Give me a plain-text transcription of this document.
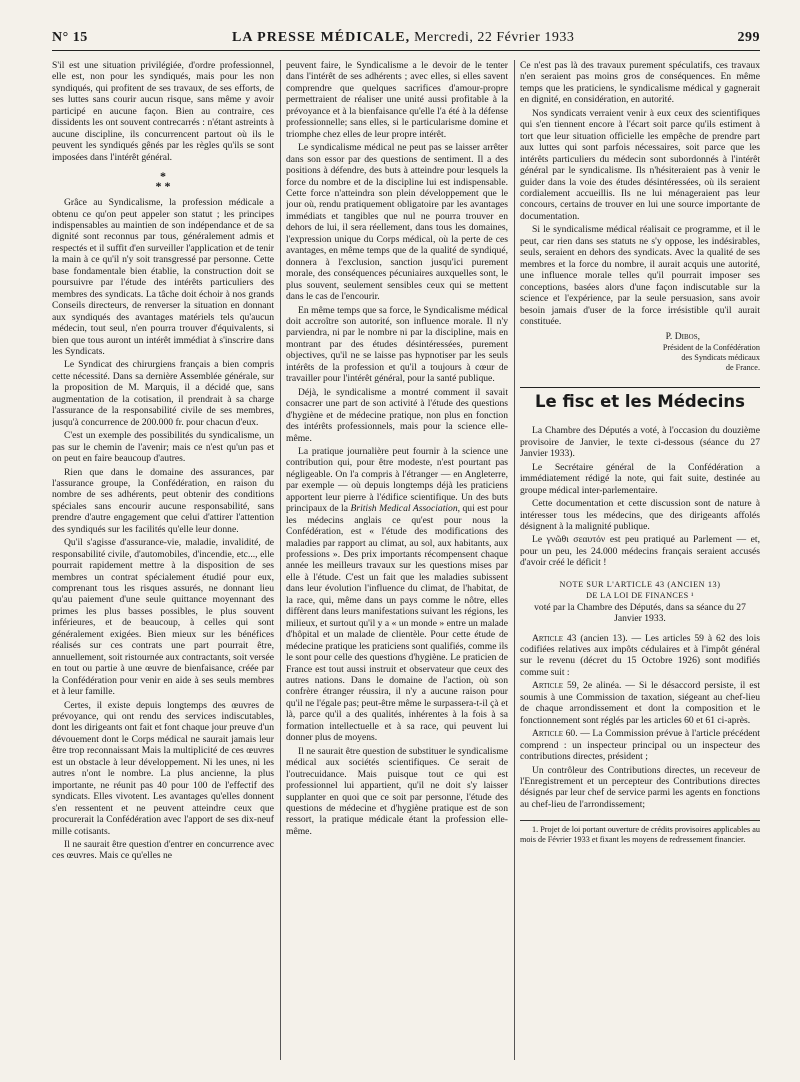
N° 15	LA PRESSE MÉDICALE, Mercredi, 22 Février 1933	299

S'il est une situation privilégiée, d'ordre professionnel, elle est, non pour les syndiqués, mais pour les non syndiqués, qui profitent de ses travaux, de ses efforts, de ses luttes sans courir aucun risque, sans même y avoir participé en aucune façon. Bien au contraire, ces dissidents les ont souvent contrecarrés : n'étant astreints à aucune discipline, ils concurrencent partout où ils le peuvent les syndiqués gênés par les règles qu'ils se sont imposées dans l'intérêt général.

*
* *

Grâce au Syndicalisme, la profession médicale a obtenu ce qu'on peut appeler son statut ; les principes indispensables au maintien de son indépendance et de sa dignité sont reconnus par tous, généralement admis et respectés et il suffit d'en surveiller l'application et de tenir la main à ce qu'il n'y soit transgressé par personne. Cette base fondamentale bien établie, la construction doit se poursuivre par l'étude des intérêts particuliers des membres des syndicats. La tâche doit échoir à nos grands Conseils directeurs, de renverser la situation en donnant aux syndiqués des avantages matériels tels qu'aucun médecin, tout seul, n'en pourra trouver d'équivalents, si bien que tous auront un intérêt immédiat à s'inscrire dans les Syndicats.

Le Syndicat des chirurgiens français a bien compris cette nécessité. Dans sa dernière Assemblée générale, sur la proposition de M. Marquis, il a décidé que, sans augmentation de la cotisation, il prendrait à sa charge l'assurance de la responsabilité civile de ses membres, jusqu'à concurrence de 200.000 fr. pour chacun d'eux.

C'est un exemple des possibilités du syndicalisme, un pas sur le chemin de l'avenir; mais ce n'est qu'un pas et on peut en faire beaucoup d'autres.

Rien que dans le domaine des assurances, par l'assurance groupe, la Confédération, en raison du nombre de ses adhérents, peut obtenir des conditions spéciales sans encourir aucune responsabilité, sans prendre d'autre engagement que celui d'attirer l'attention des syndiqués sur les facilités qu'elle leur donne.

Qu'il s'agisse d'assurance-vie, maladie, invalidité, de responsabilité civile, d'automobiles, d'incendie, etc..., elle pourrait rapidement mettre à la disposition de ses membres un contrat spécialement étudié pour eux, comprenant tous les risques assurés, ne donnant lieu qu'au paiement d'une seule quittance moyennant des primes les plus basses possibles, le plus souvent inférieures, et de beaucoup, à celles qui sont généralement exigées. Bien mieux sur les bénéfices réalisés sur ces contrats une part pourrait être, annuellement, soit ristournée aux contractants, soit versée en tout ou partie à une œuvre de bienfaisance, créée par la Confédération pour venir en aide à ses seuls membres et à leur famille.

Certes, il existe depuis longtemps des œuvres de prévoyance, qui ont rendu des services indiscutables, dont les dirigeants ont fait et font chaque jour preuve d'un dévouement dont le Corps médical ne saurait jamais leur être trop reconnaissant Mais la multiplicité de ces œuvres est un obstacle à leur développement. Ni les unes, ni les autres n'ont le nombre. La plus ancienne, la plus importante, ne réunit pas 40 pour 100 de l'effectif des syndicats. Elles vivotent. Les avantages qu'elles donnent s'en ressentent et ne peuvent atteindre ceux que procurerait la Confédération avec l'apport de ses dix-neuf mille cotisants.

Il ne saurait être question d'entrer en concurrence avec ces œuvres. Mais ce qu'elles ne

peuvent faire, le Syndicalisme a le devoir de le tenter dans l'intérêt de ses adhérents ; avec elles, si elles savent comprendre que quelques sacrifices d'amour-propre permettraient de réaliser une unité aussi profitable à la prévoyance et à la bienfaisance qu'elle l'a été à la défense professionnelle; sans elles, si le particularisme domine et triomphe chez elles de leur propre intérêt.

Le syndicalisme médical ne peut pas se laisser arrêter dans son essor par des questions de sentiment. Il a des positions à défendre, des buts à atteindre pour lesquels la force du nombre et de la discipline lui est indispensable. Cette force n'atteindra son plein développement que le jour où, rendu pratiquement obligatoire par les avantages immédiats et tangibles que nul ne pourra trouver en dehors de lui, il sera réellement, dans tous les domaines, l'expression unique du Corps médical, où la perte de ces avantages, en même temps que de la qualité de syndiqué, donnera à l'exclusion, sanction jusqu'ici purement morale, des conséquences pécuniaires auxquelles sont, le plus souvent, seulement sensibles ceux qui se mettent dans le cas de l'encourir.

En même temps que sa force, le Syndicalisme médical doit accroître son autorité, son influence morale. Il n'y parviendra, ni par le nombre ni par la discipline, mais en montrant par des études désintéressées, purement objectives, qu'il ne se laisse pas hypnotiser par les seuls intérêts de la profession et qu'il a toujours à cœur de travailler pour l'intérêt général, pour la santé publique.

Déjà, le syndicalisme a montré comment il savait consacrer une part de son activité à l'étude des questions d'hygiène et de médecine pratique, non plus en fonction des intérêts professionnels, mais pour la science elle-même.

La pratique journalière peut fournir à la science une contribution qui, pour être modeste, n'est pourtant pas négligeable. On l'a compris à l'étranger — en Angleterre, par exemple — où depuis longtemps déjà les praticiens apportent leur pierre à l'édifice scientifique. Un des buts principaux de la British Medical Association, qui est pour les médecins anglais ce qu'est pour nous la Confédération, est « l'étude des modifications des maladies par rapport au climat, au sol, aux habitants, aux professions ». Des prix importants récompensent chaque année les meilleurs travaux sur les questions mises par elle à l'étude. C'est un fait que les maladies subissent dans leur évolution l'influence du climat, de l'habitat, de la race, qui, même dans un pays comme le nôtre, elles diffèrent dans leurs manifestations suivant les régions, les milieux, et surtout qu'il y a « un monde » entre un malade d'hôpital et un malade de clientèle. Pour cette étude de médecine pratique les praticiens sont qualifiés, comme ils le sont pour celle des questions d'hygiène. Le praticien de France est tout aussi instruit et observateur que ceux des autres nations. Dans le domaine de l'action, où son confrère étranger réussira, il n'y a aucune raison pour qu'il ne l'égale pas; peut-être même le surpassera-t-il çà et là, parce qu'il a des qualités, inhérentes à la fois à sa formation intellectuelle et à sa race, qui peuvent lui donner plus de moyens.

Il ne saurait être question de substituer le syndicalisme médical aux sociétés scientifiques. Ce serait de l'outrecuidance. Mais puisque tout ce qui est professionnel lui appartient, qu'il ne doit s'y laisser supplanter en quoi que ce soit par personne, l'étude des questions de médecine et d'hygiène pratique est de son ressort, la pratique médicale étant la profession elle-même.

Ce n'est pas là des travaux purement spéculatifs, ces travaux n'en seraient pas moins gros de conséquences. En même temps que les praticiens, le syndicalisme médical y gagnerait en dignité, en considération, en autorité.

Nos syndicats verraient venir à eux ceux des scientifiques qui s'en tiennent encore à l'écart soit parce qu'ils estiment à tort que leur situation officielle les empêche de prendre part aux luttes qui sont parfois nécessaires, soit parce que les intérêts particuliers du médecin sont subordonnés à l'intérêt général par le syndicalisme. Ils n'hésiteraient pas à venir le guider dans la voie des études désintéressées, où ils seraient cordialement accueillis. Ils ne lui ménageraient pas leur concours, certains de trouver en lui une source importante de documentation.

Si le syndicalisme médical réalisait ce programme, et il le peut, car rien dans ses statuts ne s'y oppose, les indésirables, seuls, seraient en dehors des syndicats. Avec la qualité de ses membres et la force du nombre, il aurait acquis une autorité, une influence morale telles qu'il pourrait imposer ses conceptions, basées alors d'une façon indiscutable sur la science et l'expérience, par la seule persuasion, sans avoir besoin jamais d'user de la force irrésistible qu'il aurait constituée.

P. Dibos,
Président de la Confédération
des Syndicats médicaux
de France.
Le fisc et les Médecins

La Chambre des Députés a voté, à l'occasion du douzième provisoire de Janvier, le texte ci-dessous (séance du 27 Janvier 1933).

Le Secrétaire général de la Confédération a immédiatement rédigé la note, qui fait suite, destinée au groupe médical inter-parlementaire.

Cette documentation et cette discussion sont de nature à intéresser tous les médecins, que des dirigeants affolés désignent à la malignité publique.

Le γνῶθι σεαυτόν est peu pratiqué au Parlement — et, pour un peu, les 24.000 médecins français seraient accusés d'avoir créé le déficit !

NOTE SUR L'ARTICLE 43 (ANCIEN 13)
DE LA LOI DE FINANCES ¹
voté par la Chambre des Députés, dans sa séance du 27 Janvier 1933.

Article 43 (ancien 13). — Les articles 59 à 62 des lois codifiées relatives aux impôts cédulaires et à l'impôt général sur le revenu (décret du 15 Octobre 1926) sont modifiés comme suit :

Article 59, 2e alinéa. — Si le désaccord persiste, il est soumis à une Commission de taxation, siégeant au chef-lieu de chaque arrondissement et dont la composition et le fonctionnement sont réglés par les articles 60 et 61 ci-après.

Article 60. — La Commission prévue à l'article précédent comprend : un inspecteur principal ou un inspecteur des contributions directes, président ;

Un contrôleur des Contributions directes, un receveur de l'Enregistrement et un percepteur des Contributions directes désignés par leur chef de service parmi les agents en fonctions au chef-lieu de l'arrondissement;

1. Projet de loi portant ouverture de crédits provisoires applicables au mois de Février 1933 et fixant les moyens de redressement financier.
